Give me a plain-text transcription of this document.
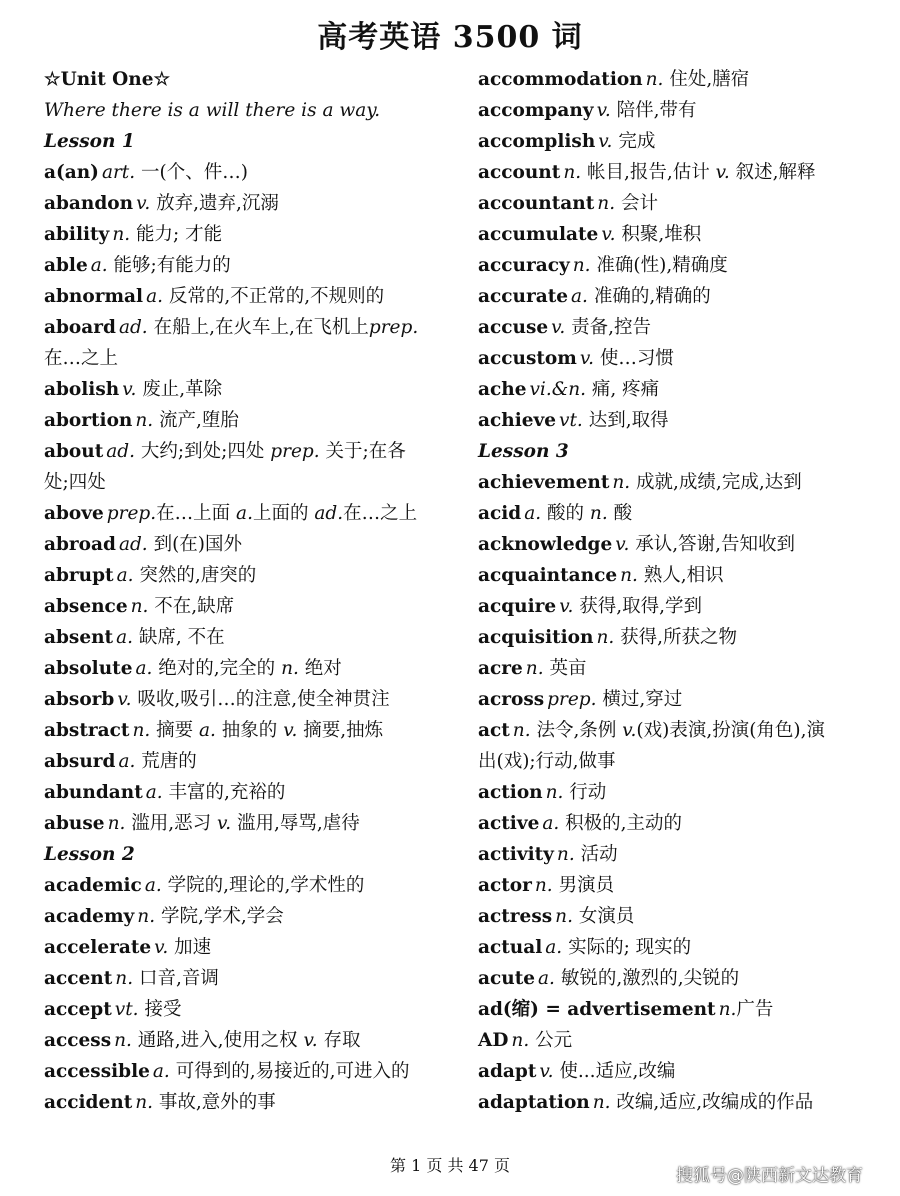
高考英语 3500 词
☆Unit One☆
Where there is a will there is a way.
Lesson 1
a(an) art. 一(个、件…)
abandon v. 放弃,遗弃,沉溺
ability n. 能力; 才能
able a. 能够;有能力的
abnormal a. 反常的,不正常的,不规则的
aboard ad. 在船上,在火车上,在飞机上prep.
在…之上
abolish v. 废止,革除
abortion n. 流产,堕胎
about ad. 大约;到处;四处 prep. 关于;在各
处;四处
above prep.在…上面 a.上面的 ad.在…之上
abroad ad. 到(在)国外
abrupt a. 突然的,唐突的
absence n. 不在,缺席
absent a. 缺席, 不在
absolute a. 绝对的,完全的 n. 绝对
absorb v. 吸收,吸引…的注意,使全神贯注
abstract n. 摘要 a. 抽象的 v. 摘要,抽炼
absurd a. 荒唐的
abundant a. 丰富的,充裕的
abuse n. 滥用,恶习 v. 滥用,辱骂,虐待
Lesson 2
academic a. 学院的,理论的,学术性的
academy n. 学院,学术,学会
accelerate v. 加速
accent n. 口音,音调
accept vt. 接受
access n. 通路,进入,使用之权 v. 存取
accessible a. 可得到的,易接近的,可进入的
accident n. 事故,意外的事
accommodation n. 住处,膳宿
accompany v. 陪伴,带有
accomplish v. 完成
account n. 帐目,报告,估计 v. 叙述,解释
accountant n. 会计
accumulate v. 积聚,堆积
accuracy n. 准确(性),精确度
accurate a. 准确的,精确的
accuse v. 责备,控告
accustom v. 使…习惯
ache vi.&n. 痛, 疼痛
achieve vt. 达到,取得
Lesson 3
achievement n. 成就,成绩,完成,达到
acid a. 酸的 n. 酸
acknowledge v. 承认,答谢,告知收到
acquaintance n. 熟人,相识
acquire v. 获得,取得,学到
acquisition n. 获得,所获之物
acre n. 英亩
across prep. 横过,穿过
act n. 法令,条例 v.(戏)表演,扮演(角色),演
出(戏);行动,做事
action n. 行动
active a. 积极的,主动的
activity n. 活动
actor n. 男演员
actress n. 女演员
actual a. 实际的; 现实的
acute a. 敏锐的,激烈的,尖锐的
ad(缩) = advertisement n.广告
AD n. 公元
adapt v. 使...适应,改编
adaptation n. 改编,适应,改编成的作品
第 1 页 共 47 页
搜狐号@陕西新文达教育
